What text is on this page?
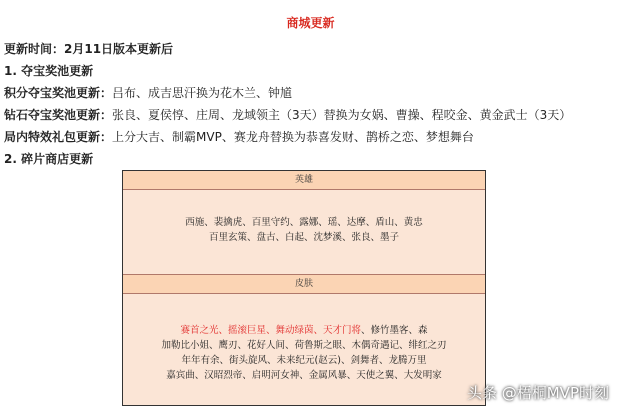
商城更新
更新时间：2月11日版本更新后
1. 夺宝奖池更新
积分夺宝奖池更新：吕布、成吉思汗换为花木兰、钟馗
钻石夺宝奖池更新：张良、夏侯惇、庄周、龙域领主（3天）替换为女娲、曹操、程咬金、黄金武士（3天）
局内特效礼包更新：上分大吉、制霸MVP、赛龙舟替换为恭喜发财、鹊桥之恋、梦想舞台
2. 碎片商店更新
英雄
西施、裴擒虎、百里守约、露娜、瑶、达摩、盾山、黄忠
百里玄策、盘古、白起、沈梦溪、张良、墨子
皮肤
赛首之光、摇滚巨星、舞动绿茵、天才门将、修竹墨客、森
加勒比小姐、鹰刃、花好人间、荷鲁斯之眼、木偶奇遇记、绯红之刃
年年有余、街头旋风、未来纪元(赵云)、剑舞者、龙腾万里
嘉宾曲、汉昭烈帝、启明河女神、金属风暴、天使之翼、大发明家
头条 @梧桐MVP时刻
